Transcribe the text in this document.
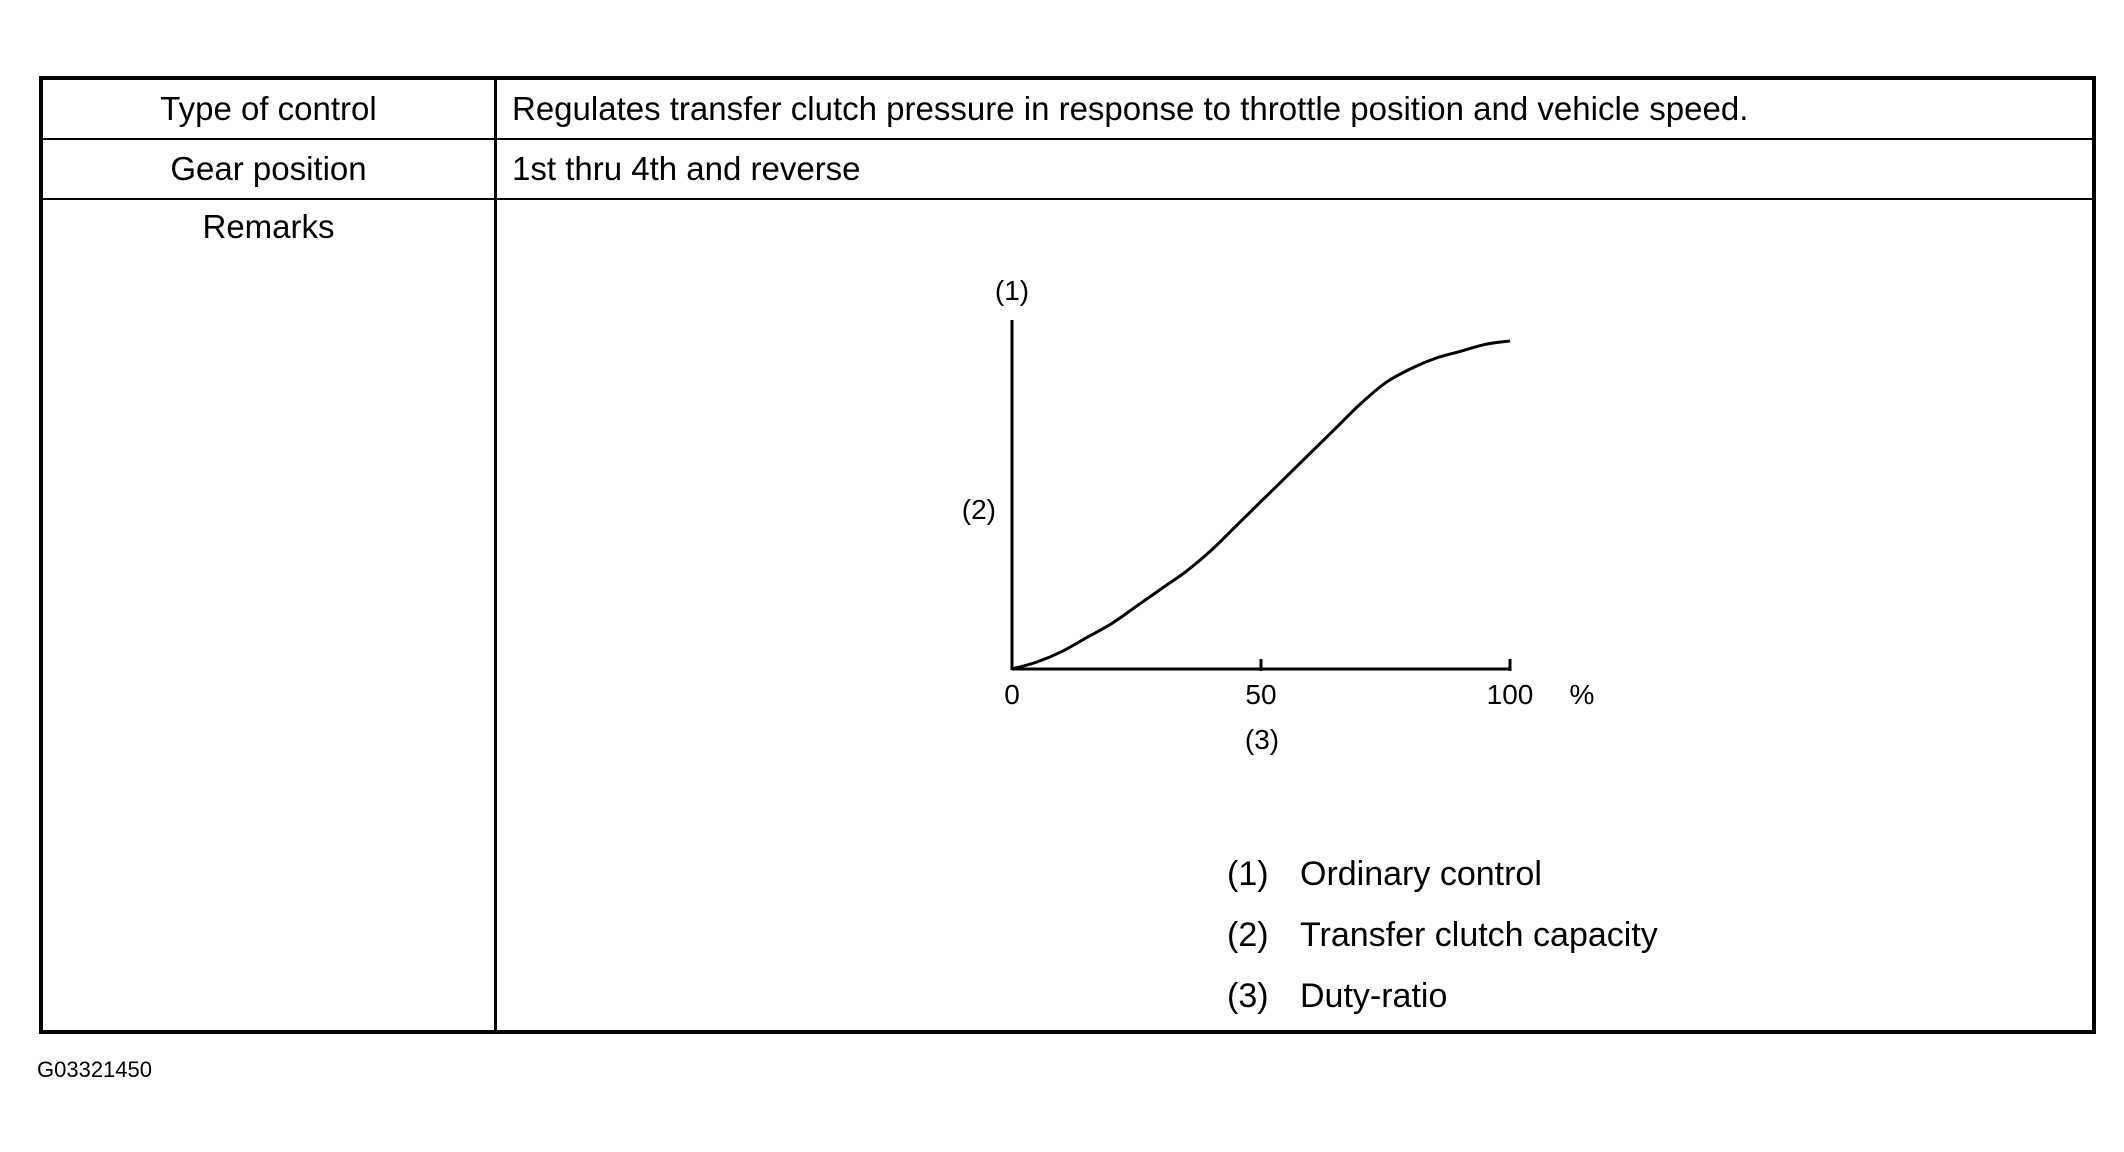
Type of control	Regulates transfer clutch pressure in response to throttle position and vehicle speed.
Gear position	1st thru 4th and reverse
Remarks
0	50	100
(1)
(2)
%
(3)
(1) Ordinary control
(2) Transfer clutch capacity
(3) Duty-ratio
G03321450
